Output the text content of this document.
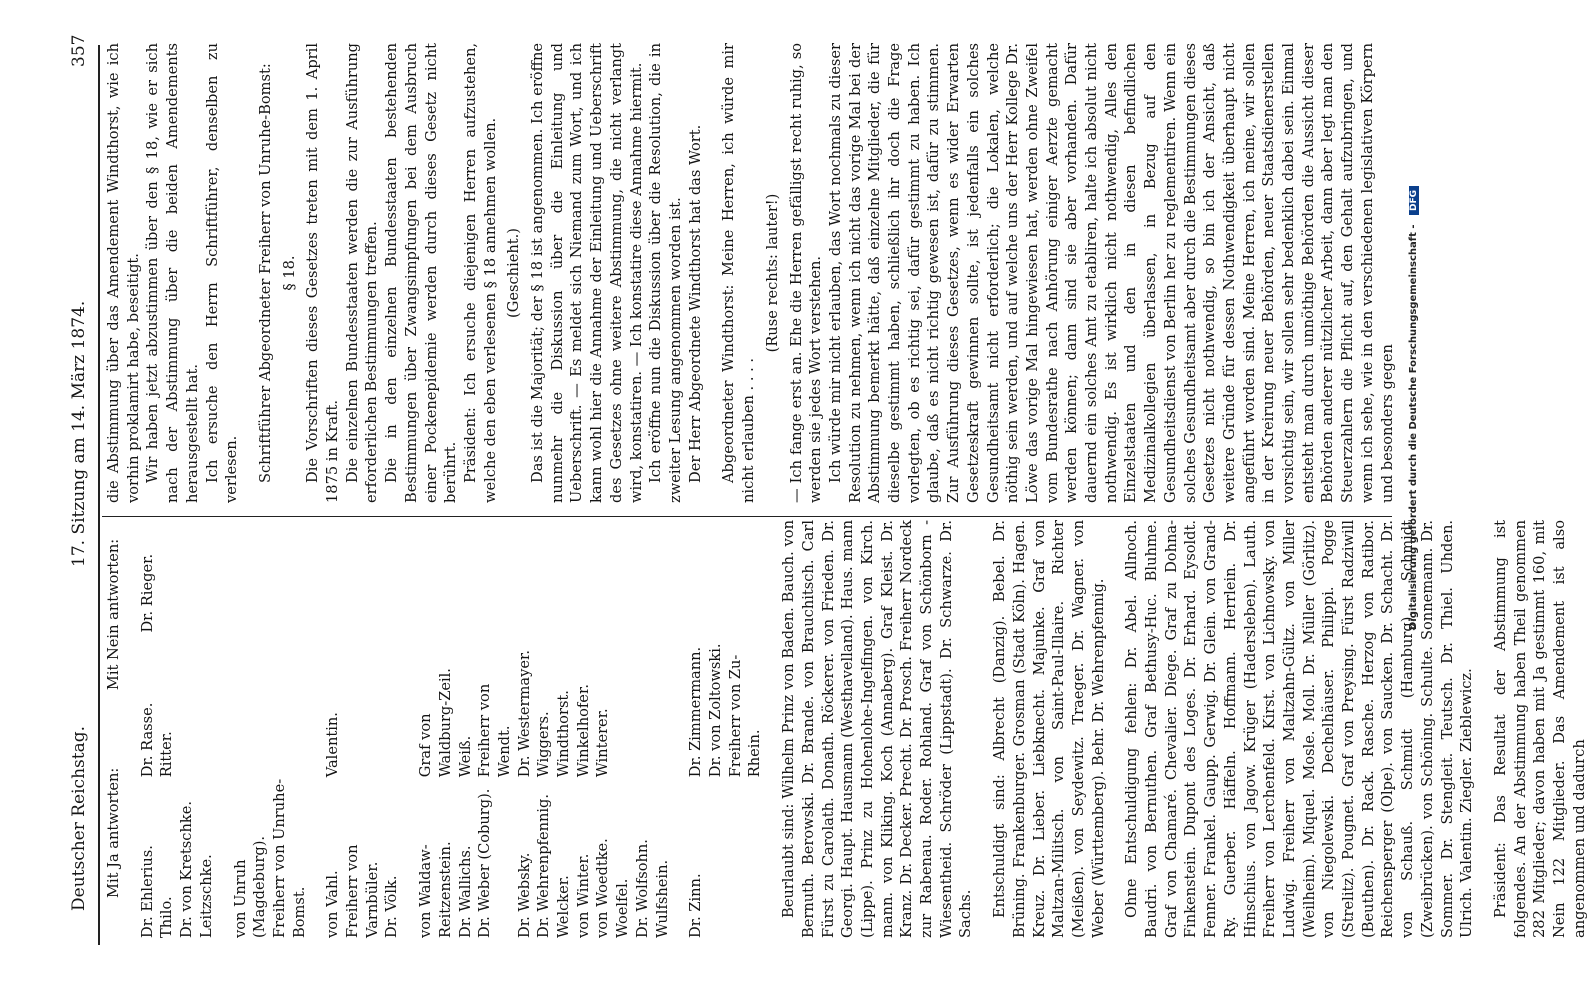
Deutscher Reichstag.
17. Sitzung am 14. März 1874.
357
Mit Ja antworten:
Mit Nein antworten:
Dr. Ehlerius.
Dr. Rasse.
Dr. Rieger.
Thilo.
Ritter.
Dr. von Kretschke. Leitzschke. von Unruh (Magdeburg). Freiherr von Unruhe-Bomst. von Vahl.
Valentin.
Freiherr von Varnbüler. Dr. Völk. von Waldaw-Reitzenstein.
Graf von Waldburg-Zeil.
Dr. Wallichs.
Weiß.
Dr. Weber (Coburg).
Freiherr von Wendt.
Dr. Websky.
Dr. Westermayer.
Dr. Wehrenpfennig.
Wiggers.
Welcker.
Windthorst.
von Winter.
Winkelhofer.
von Woedtke.
Winterer.
Woelfel. Dr. Wolfsohn. Wulfshein. Dr. Zinn.
Dr. Zimmermann. Dr. von Zoltowski. Freiherr von Zu-Rhein. Beurlaubt sind: Wilhelm Prinz von Baden. Bauch. von Bernuth. Berowski. Dr. Brande. von Brauchitsch. Carl Fürst zu Carolath. Donath. Röckerer. von Frieden. Dr. Georgi. Haupt. Hausmann (Westhavelland). Haus. mann (Lippe). Prinz zu Hohenlohe-Ingelfingen. von Kirch. mann. von Kliking. Koch (Annaberg). Graf Kleist. Dr. Kranz. Dr. Decker. Precht. Dr. Prosch. Freiherr Nordeck zur Rabenau. Roder. Rohland. Graf von Schönborn - Wiesentheid. Schröder (Lippstadt). Dr. Schwarze. Dr. Sachs. Entschuldigt sind: Albrecht (Danzig). Bebel. Dr. Brüning. Frankenburger. Grosman (Stadt Köln). Hagen. Kreuz. Dr. Lieber. Liebknecht. Majunke. Graf von Maltzan-Militsch. von Saint-Paul-Illaire. Richter (Meißen). von Seydewitz. Traeger. Dr. Wagner. von Weber (Württemberg). Behr. Dr. Wehrenpfennig. Ohne Entschuldigung fehlen: Dr. Abel. Allnoch. Baudri. von Bernuthen. Graf Bethusy-Huc. Bluhme. Graf von Chamaré. Chevalier. Diege. Graf zu Dohna-Finkenstein. Dupont des Loges. Dr. Erhard. Eysoldt. Fenner. Frankel. Gaupp. Gerwig. Dr. Glein. von Grand-Ry. Guerber. Häffeln. Hoffmann. Herrlein. Dr. Hinschius. von Jagow. Krüger (Hadersleben). Lauth. Freiherr von Lerchenfeld. Kirst. von Lichnowsky. von Ludwig. Freiherr von Maltzahn-Gültz. von Miller (Weilheim). Miquel. Mosle. Moll. Dr. Müller (Görlitz). von Niegolewski. Dechelhäuser. Philippi. Pogge (Strelitz). Pougnet. Graf von Preysing. Fürst Radziwill (Beuthen). Dr. Rack. Rasche. Herzog von Ratibor. Reichensperger (Olpe). von Saucken. Dr. Schacht. Dr. von Schauß. Schmidt (Hamburg). Schmidt (Zweibrücken). von Schöning. Schulte. Sonnemann. Dr. Sommer. Dr. Stengleit. Teutsch. Dr. Thiel. Uhden. Ulrich. Valentin. Ziegler. Zieblewicz. Präsident: Das Resultat der Abstimmung ist folgendes. An der Abstimmung haben Theil genommen 282 Mitglieder; davon haben mit Ja gestimmt 160, mit Nein 122 Mitglieder. Das Amendement ist also angenommen und dadurch

die Abstimmung über das Amendement Windthorst, wie ich vorhin proklamirt habe, beseitigt. Wir haben jetzt abzustimmen über den § 18, wie er sich nach der Abstimmung über die beiden Amendements herausgestellt hat. Ich ersuche den Herrn Schriftführer, denselben zu verlesen. Schriftführer Abgeordneter Freiherr von Unruhe-Bomst: § 18. Die Vorschriften dieses Gesetzes treten mit dem 1. April 1875 in Kraft. Die einzelnen Bundesstaaten werden die zur Ausführung erforderlichen Bestimmungen treffen. Die in den einzelnen Bundesstaaten bestehenden Bestimmungen über Zwangsimpfungen bei dem Ausbruch einer Pockenepidemie werden durch dieses Gesetz nicht berührt. Präsident: Ich ersuche diejenigen Herren aufzustehen, welche den eben verlesenen § 18 annehmen wollen. (Geschieht.) Das ist die Majorität; der § 18 ist angenommen. Ich eröffne nunmehr die Diskussion über die Einleitung und Ueberschrift. — Es meldet sich Niemand zum Wort, und ich kann wohl hier die Annahme der Einleitung und Ueberschrift des Gesetzes ohne weitere Abstimmung, die nicht verlangt wird, konstatiren. — Ich konstatire diese Annahme hiermit. Ich eröffne nun die Diskussion über die Resolution, die in zweiter Lesung angenommen worden ist. Der Herr Abgeordnete Windthorst hat das Wort. Abgeordneter Windthorst: Meine Herren, ich würde mir nicht erlauben . . . .

(Ruse rechts: lauter!) — Ich fange erst an. Ehe die Herren gefälligst recht ruhig, so werden sie jedes Wort verstehen. Ich würde mir nicht erlauben, das Wort nochmals zu dieser Resolution zu nehmen, wenn ich nicht das vorige Mal bei der Abstimmung bemerkt hätte, daß einzelne Mitglieder, die für dieselbe gestimmt haben, schließlich ihr doch die Frage vorlegten, ob es richtig sei, dafür gestimmt zu haben. Ich glaube, daß es nicht richtig gewesen ist, dafür zu stimmen. Zur Ausführung dieses Gesetzes, wenn es wider Erwarten Gesetzeskraft gewinnen sollte, ist jedenfalls ein solches Gesundheitsamt nicht erforderlich; die Lokalen, welche nöthig sein werden, und auf welche uns der Herr Kollege Dr. Löwe das vorige Mal hingewiesen hat, werden ohne Zweifel vom Bundesrathe nach Anhörung einiger Aerzte gemacht werden können; dann sind sie aber vorhanden. Dafür dauernd ein solches Amt zu etabliren, halte ich absolut nicht nothwendig. Es ist wirklich nicht nothwendig, Alles den Einzelstaaten und den in diesen befindlichen Medizinalkollegien überlassen, in Bezug auf den Gesundheitsdienst von Berlin her zu reglementiren. Wenn ein solches Gesundheitsamt aber durch die Bestimmungen dieses Gesetzes nicht nothwendig, so bin ich der Ansicht, daß weitere Gründe für dessen Nothwendigkeit überhaupt nicht angeführt worden sind. Meine Herren, ich meine, wir sollen in der Kreirung neuer Behörden, neuer Staatsdienerstellen vorsichtig sein, wir sollen sehr bedenklich dabei sein. Einmal entsteht man durch unnöthige Behörden die Aussicht dieser Behörden anderer nützlicher Arbeit, dann aber legt man den Steuerzahlern die Pflicht auf, den Gehalt aufzubringen, und wenn ich sehe, wie in den verschiedenen legislativen Körpern und besonders gegen Digitalisierung gefördert durch die Deutsche Forschungsgemeinschaft - DFG
